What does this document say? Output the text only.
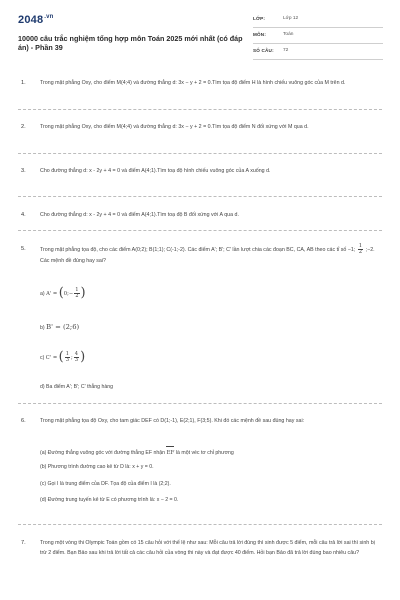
$2048^{.vn}$
10000 câu trắc nghiệm tổng hợp môn Toán 2025 mới nhất (có đáp án) - Phần 39
LỚP:	Lớp 12
MÔN:	Toán
SỐ CÂU: 72
1.	Trong mặt phẳng Oxy, cho điểm M(4;4) và đường thẳng d: 3x − y + 2 = 0.Tìm tọa độ điểm H là hình chiếu vuông góc của M trên d.
2.	Trong mặt phẳng Oxy, cho điểm M(4;4) và đường thẳng d: 3x − y + 2 = 0.Tìm tọa độ điểm N đối xứng với M qua d.
3.	Cho đường thẳng d: x - 2y + 4 = 0 và điểm A(4;1).Tìm toạ độ hình chiếu vuông góc của A xuống d.
4.	Cho đường thẳng d: x - 2y + 4 = 0 và điểm A(4;1).Tìm toạ độ B đối xứng với A qua d.
5.	Trong mặt phẳng tọa độ, cho các điểm A(0;2); B(1;1); C(-1;-2). Các điểm A'; B'; C' lần lượt chia các đoạn BC, CA, AB theo các tỉ số −1; $\frac{1}{2}$ ;−2. Các mệnh đề đúng hay sai?
a) A' = (0;− $\frac{1}{2}$ )
b) B' = (2;6)
c) C' = ( $\frac{1}{3}$ ; $\frac{4}{3}$ )
d) Ba điểm A'; B'; C' thẳng hàng
6.	Trong mặt phẳng tọa độ Oxy, cho tam giác DEF có D(1;-1), E(2;1), F(3;5). Khi đó các mệnh đề sau đúng hay sai:
(a) Đường thẳng vuông góc với đường thẳng EF nhận EF là một véc tơ chỉ phương
(b) Phương trình đường cao kẻ từ D là: x + y = 0.
(c) Gọi I là trung điểm của DF. Tọa độ của điểm I là (2;2).
(d) Đường trung tuyến kẻ từ E có phương trình là: x − 2 = 0.
7.	Trong một vòng thi Olympic Toán gồm có 15 câu hỏi với thể lệ như sau: Mỗi câu trả lời đúng thì sinh được 5 điểm, mỗi câu trả lời sai thì sinh bị trừ 2 điểm. Bạn Bảo sau khi trả lời tất cả các câu hỏi của vòng thi này và đạt được 40 điểm. Hỏi bạn Bảo đã trả lời đúng bao nhiêu câu?
